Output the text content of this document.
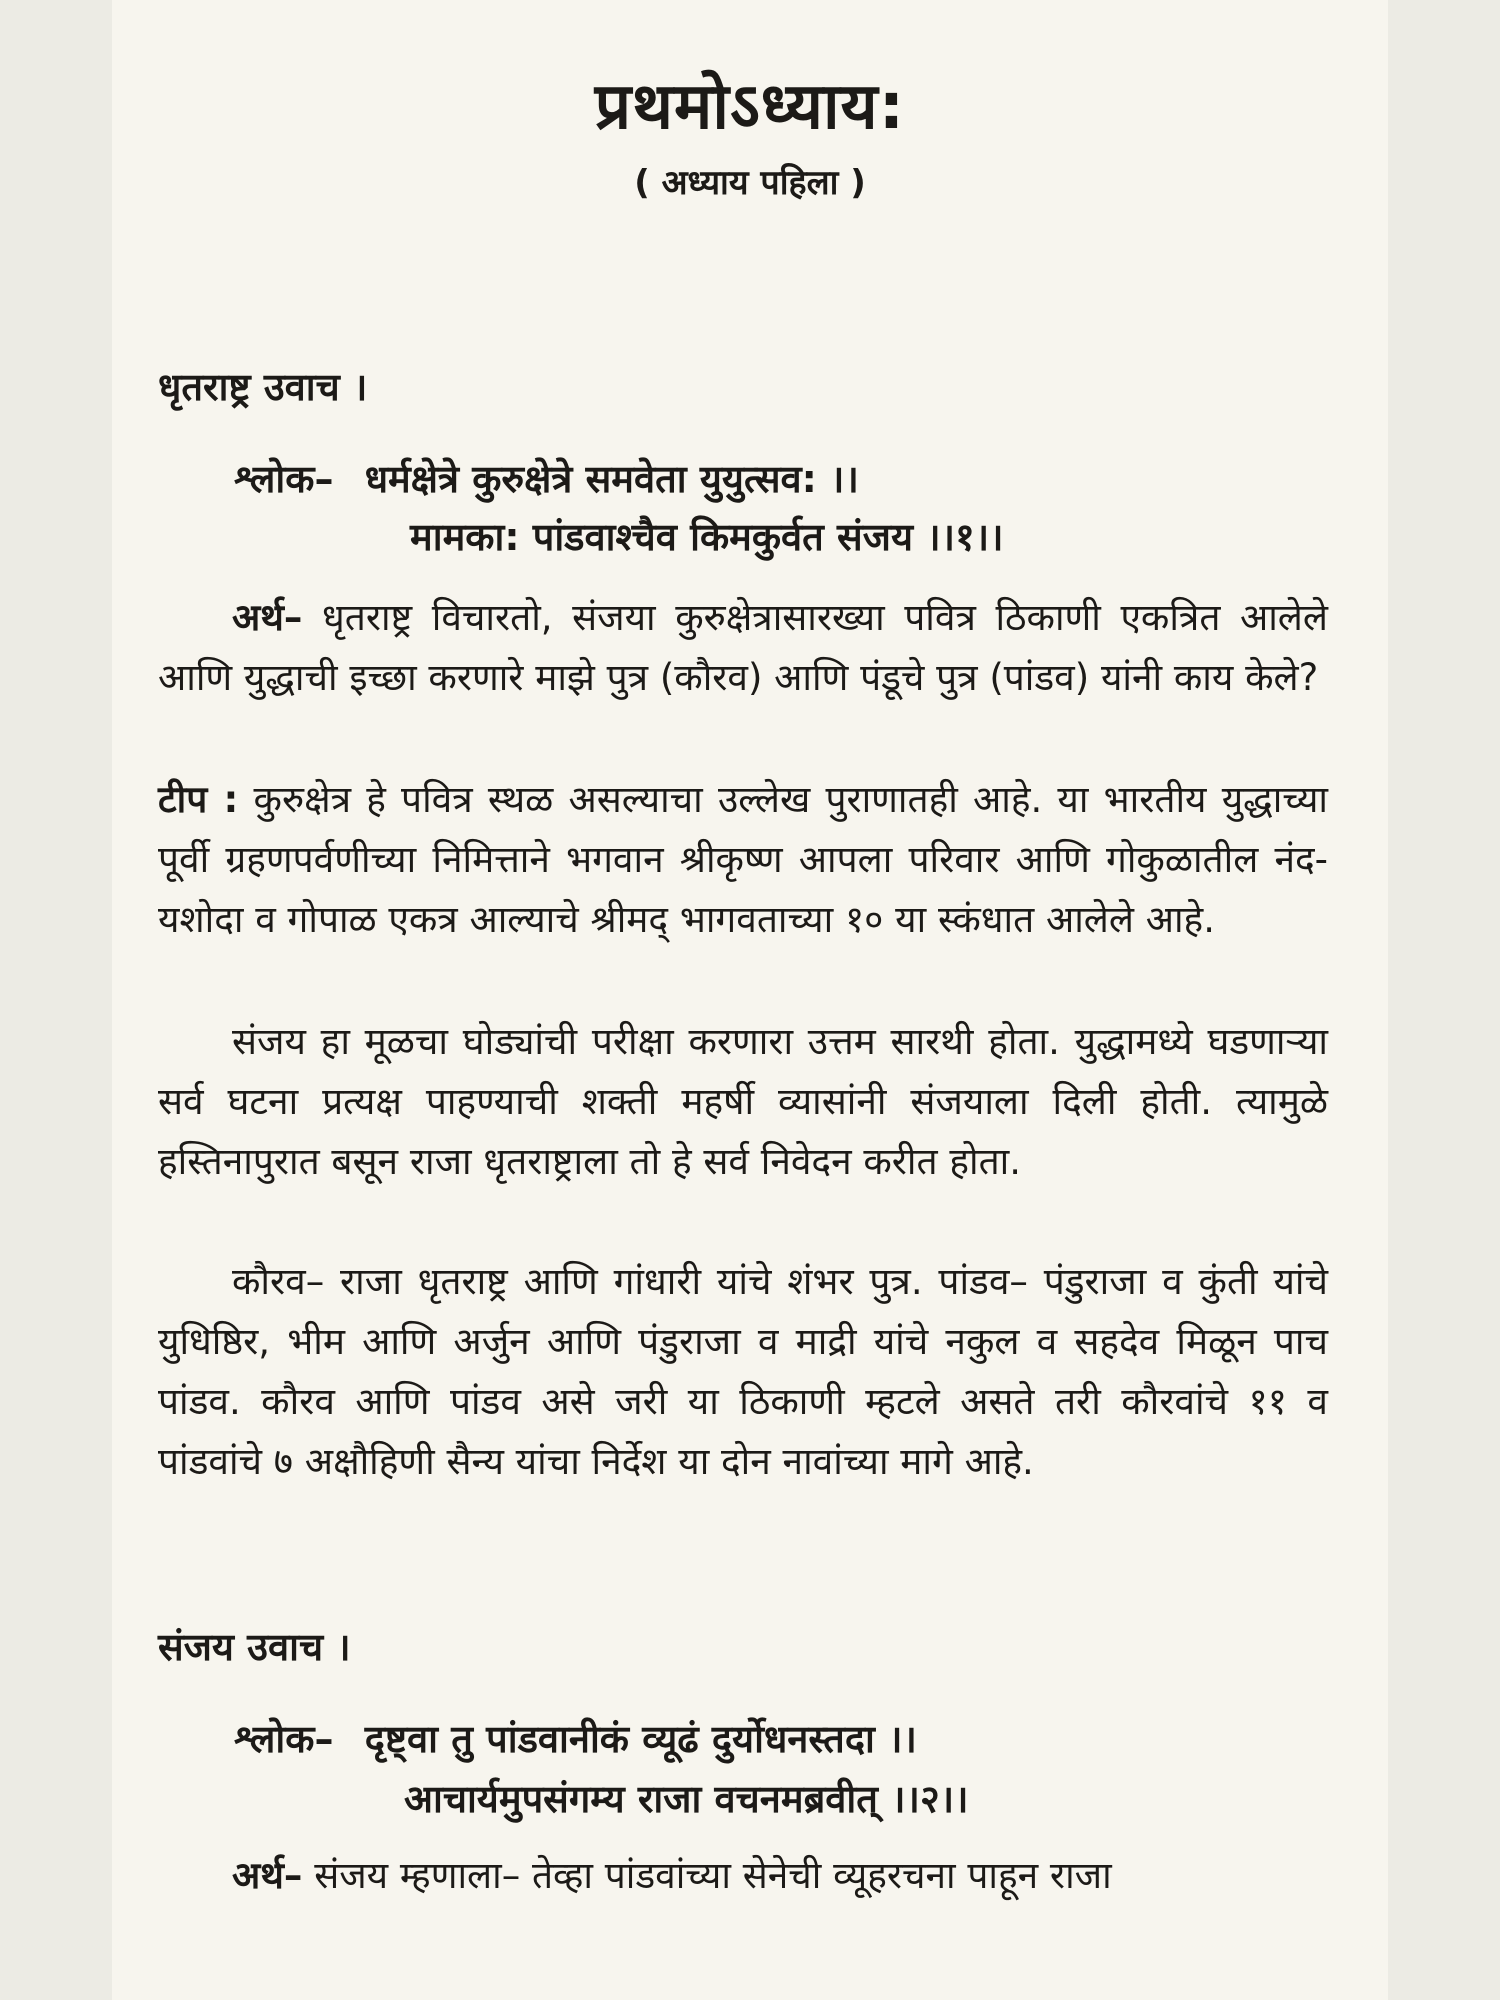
प्रथमोऽध्याय:
( अध्याय पहिला )
धृतराष्ट्र उवाच ।
श्लोक– धर्मक्षेत्रे कुरुक्षेत्रे समवेता युयुत्सव: ।।
मामका: पांडवाश्चैव किमकुर्वत संजय ।।१।।
अर्थ– धृतराष्ट्र विचारतो, संजया कुरुक्षेत्रासारख्या पवित्र ठिकाणी एकत्रित आलेले आणि युद्धाची इच्छा करणारे माझे पुत्र (कौरव) आणि पंडूचे पुत्र (पांडव) यांनी काय केले?
टीप : कुरुक्षेत्र हे पवित्र स्थळ असल्याचा उल्लेख पुराणातही आहे. या भारतीय युद्धाच्या पूर्वी ग्रहणपर्वणीच्या निमित्ताने भगवान श्रीकृष्ण आपला परिवार आणि गोकुळातील नंद-यशोदा व गोपाळ एकत्र आल्याचे श्रीमद् भागवताच्या १० या स्कंधात आलेले आहे.
संजय हा मूळचा घोड्यांची परीक्षा करणारा उत्तम सारथी होता. युद्धामध्ये घडणाऱ्या सर्व घटना प्रत्यक्ष पाहण्याची शक्ती महर्षी व्यासांनी संजयाला दिली होती. त्यामुळे हस्तिनापुरात बसून राजा धृतराष्ट्राला तो हे सर्व निवेदन करीत होता.
कौरव– राजा धृतराष्ट्र आणि गांधारी यांचे शंभर पुत्र. पांडव– पंडुराजा व कुंती यांचे युधिष्ठिर, भीम आणि अर्जुन आणि पंडुराजा व माद्री यांचे नकुल व सहदेव मिळून पाच पांडव. कौरव आणि पांडव असे जरी या ठिकाणी म्हटले असते तरी कौरवांचे ११ व पांडवांचे ७ अक्षौहिणी सैन्य यांचा निर्देश या दोन नावांच्या मागे आहे.
संजय उवाच ।
श्लोक– दृष्ट्वा तु पांडवानीकं व्यूढं दुर्योधनस्तदा ।।
आचार्यमुपसंगम्य राजा वचनमब्रवीत् ।।२।।
अर्थ– संजय म्हणाला– तेव्हा पांडवांच्या सेनेची व्यूहरचना पाहून राजा
